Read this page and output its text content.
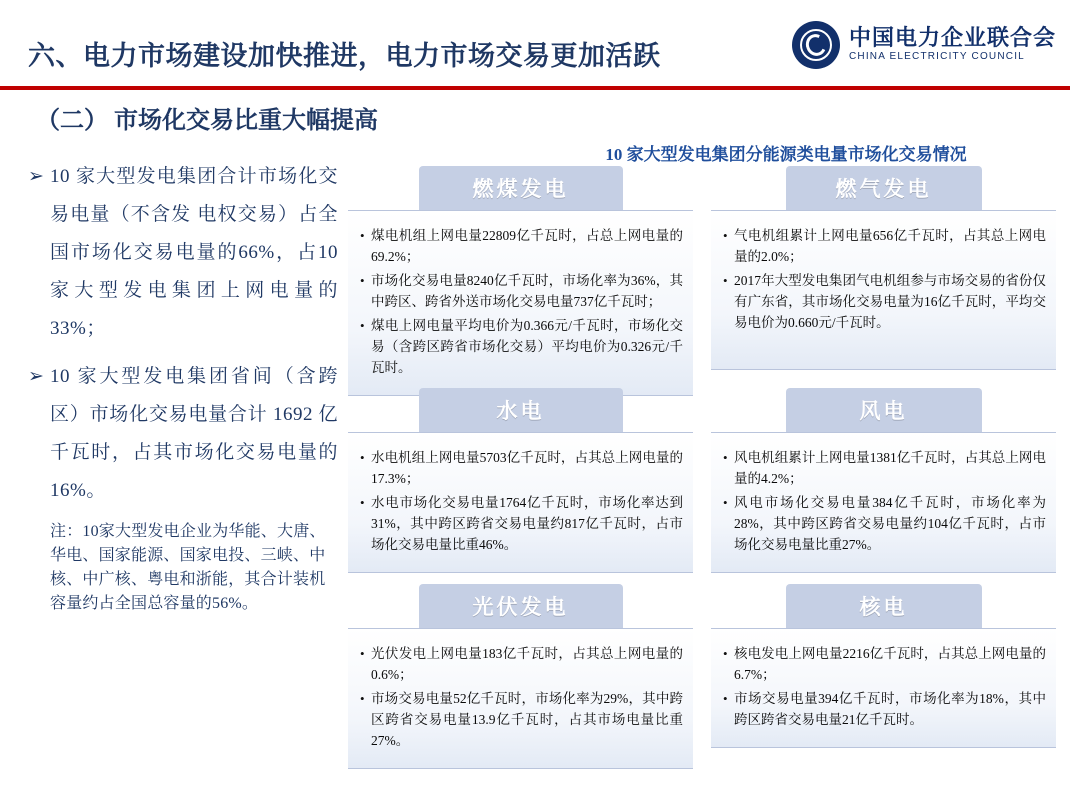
六、电力市场建设加快推进，电力市场交易更加活跃
中国电力企业联合会
CHINA ELECTRICITY COUNCIL
（二） 市场化交易比重大幅提高
➢ 10 家大型发电集团合计市场化交易电量（不含发 电权交易）占全国市场化交易电量的66%，占10 家大型发电集团上网电量的33%；
➢ 10 家大型发电集团省间（含跨区）市场化交易电量合计 1692 亿千瓦时，占其市场化交易电量的 16%。
注：10家大型发电企业为华能、大唐、华电、国家能源、国家电投、三峡、中核、中广核、粤电和浙能，其合计装机容量约占全国总容量的56%。
10 家大型发电集团分能源类电量市场化交易情况
燃煤发电
• 煤电机组上网电量22809亿千瓦时，占总上网电量的69.2%；
• 市场化交易电量8240亿千瓦时，市场化率为36%，其中跨区、跨省外送市场化交易电量737亿千瓦时；
• 煤电上网电量平均电价为0.366元/千瓦时，市场化交易（含跨区跨省市场化交易）平均电价为0.326元/千瓦时。
燃气发电
• 气电机组累计上网电量656亿千瓦时，占其总上网电量的2.0%；
• 2017年大型发电集团气电机组参与市场交易的省份仅有广东省，其市场化交易电量为16亿千瓦时，平均交易电价为0.660元/千瓦时。
水电
• 水电机组上网电量5703亿千瓦时，占其总上网电量的17.3%；
• 水电市场化交易电量1764亿千瓦时，市场化率达到31%，其中跨区跨省交易电量约817亿千瓦时，占市场化交易电量比重46%。
风电
• 风电机组累计上网电量1381亿千瓦时，占其总上网电量的4.2%；
• 风电市场化交易电量384亿千瓦时，市场化率为28%，其中跨区跨省交易电量约104亿千瓦时，占市场化交易电量比重27%。
光伏发电
• 光伏发电上网电量183亿千瓦时，占其总上网电量的0.6%；
• 市场交易电量52亿千瓦时，市场化率为29%，其中跨区跨省交易电量13.9亿千瓦时，占其市场电量比重27%。
核电
• 核电发电上网电量2216亿千瓦时，占其总上网电量的6.7%；
• 市场交易电量394亿千瓦时，市场化率为18%，其中跨区跨省交易电量21亿千瓦时。
